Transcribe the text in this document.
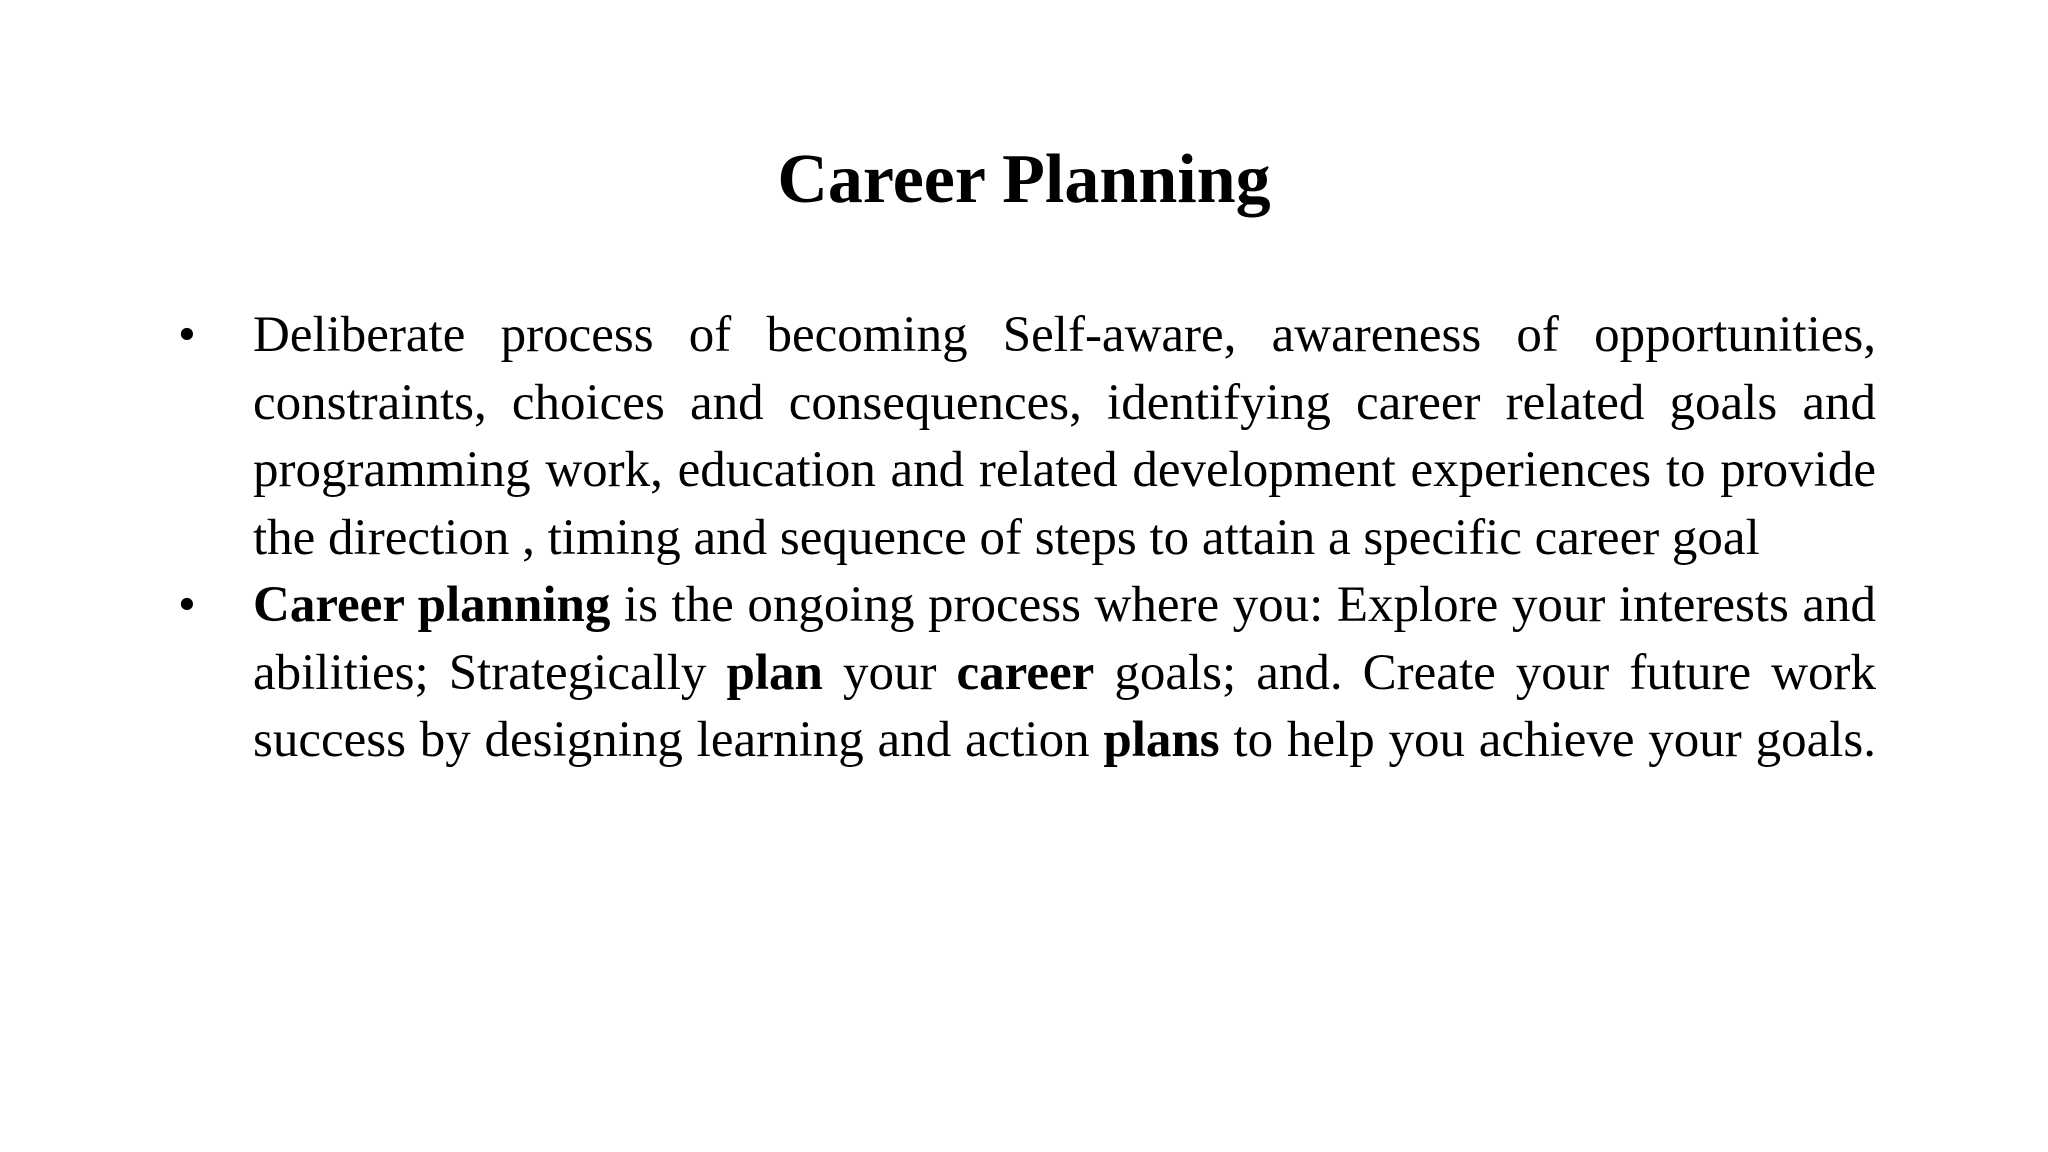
Career Planning
• Deliberate process of becoming Self-aware, awareness of opportunities, constraints, choices and consequences, identifying career related goals and programming work, education and related development experiences to provide the direction , timing and sequence of steps to attain a specific career goal
• Career planning is the ongoing process where you: Explore your interests and abilities; Strategically plan your career goals; and. Create your future work success by designing learning and action plans to help you achieve your goals.
